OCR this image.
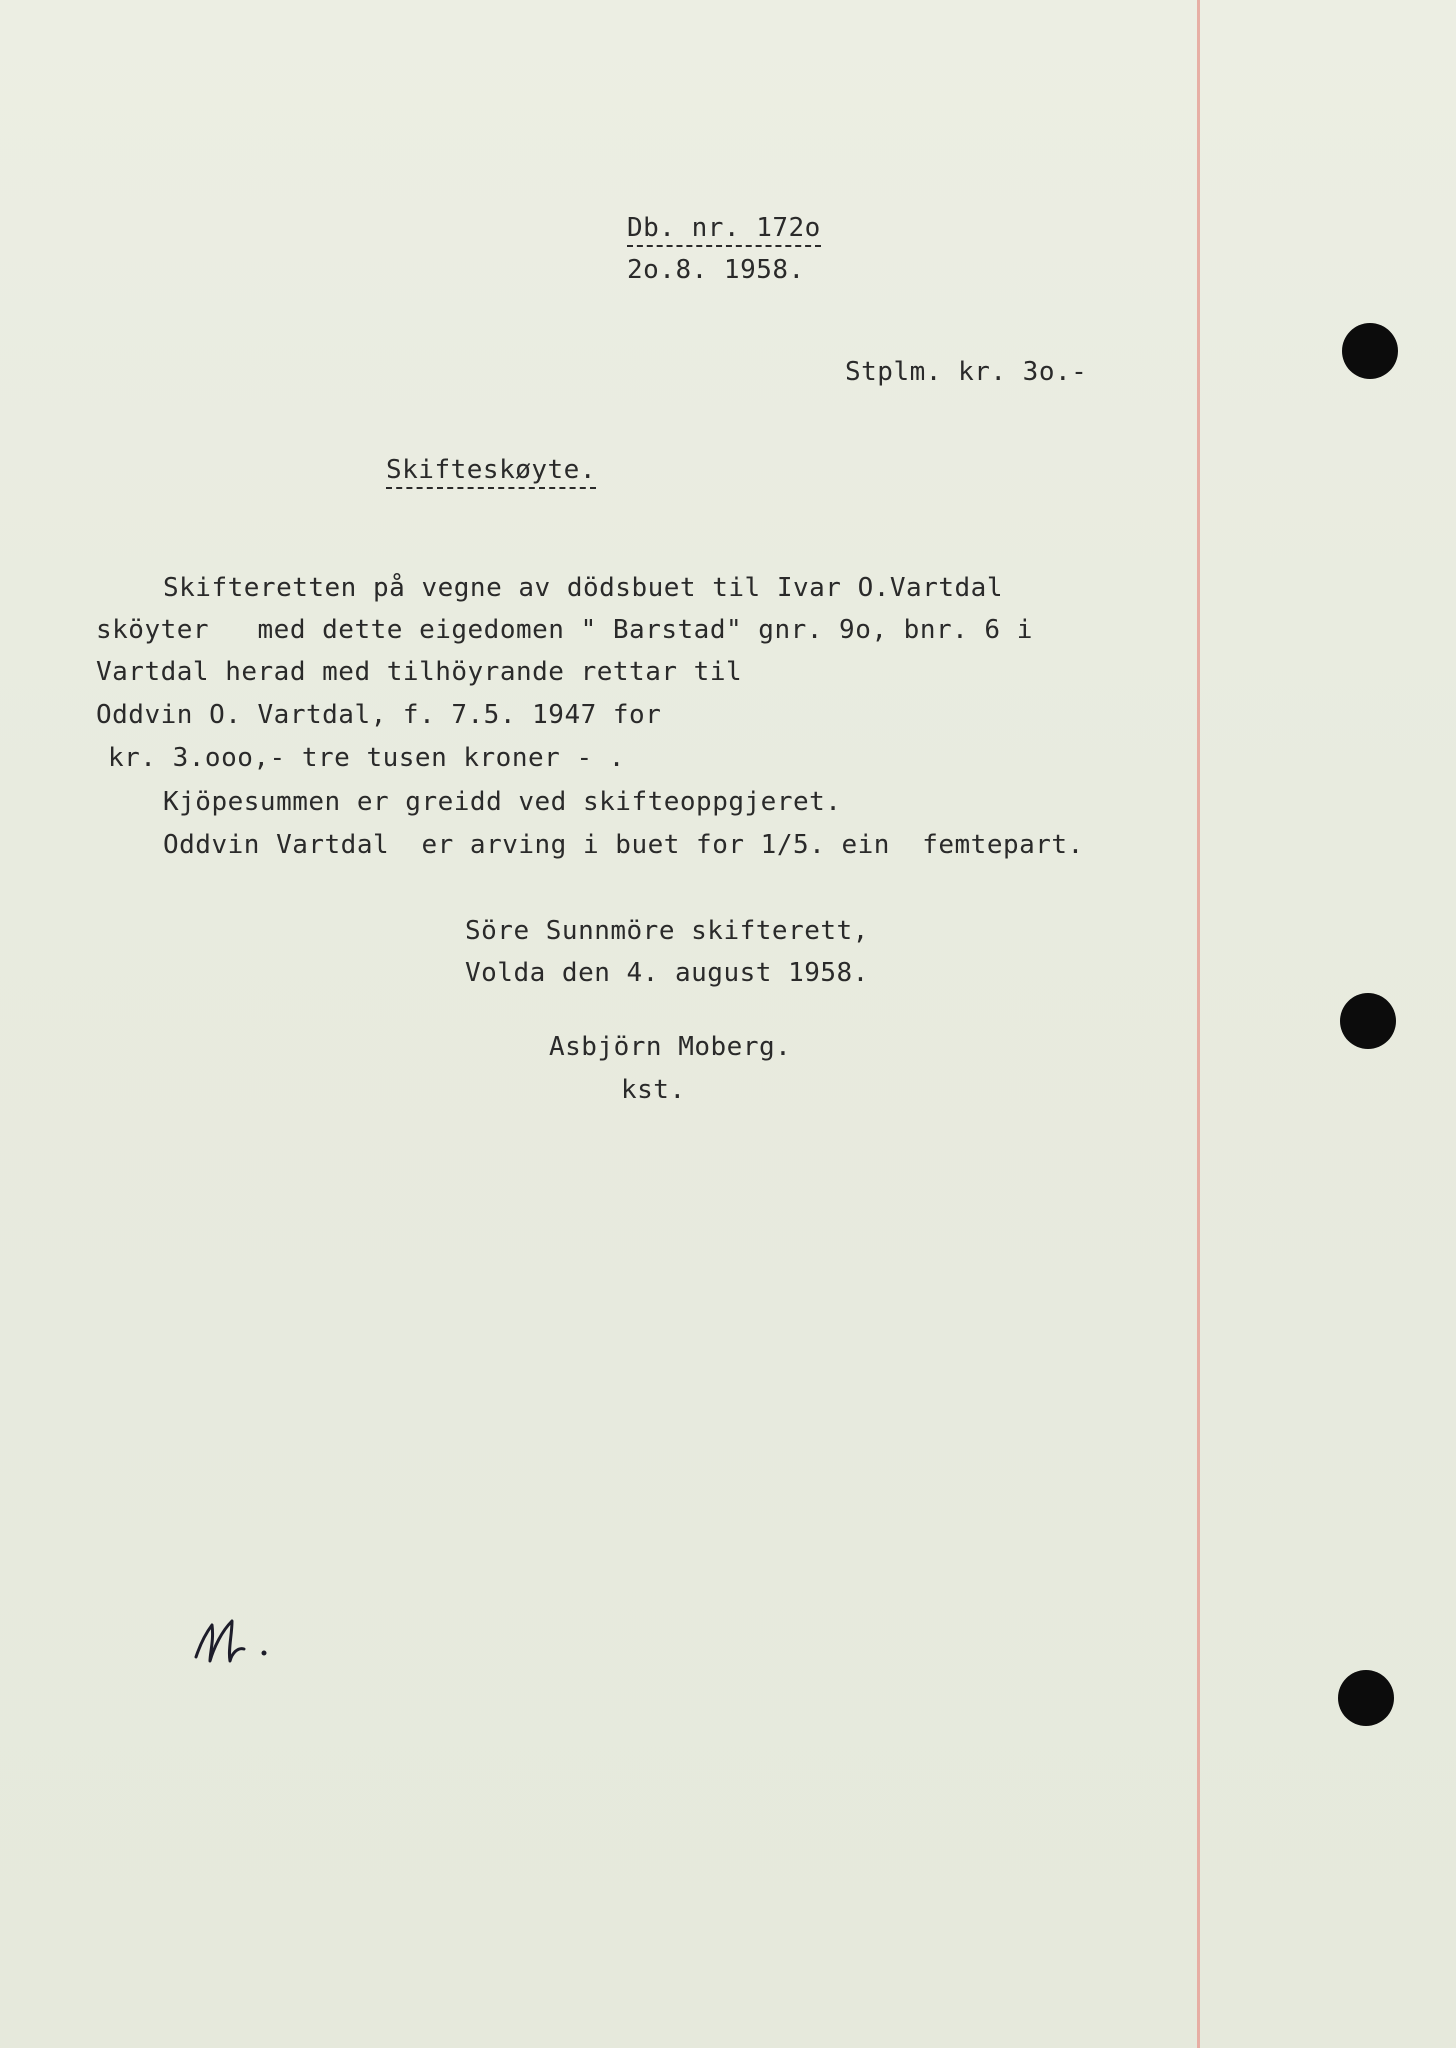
Db. nr. 172o
2o.8. 1958.
Stplm. kr. 3o.-
Skifteskøyte.
Skifteretten på vegne av dödsbuet til Ivar O.Vartdal
sköyter   med dette eigedomen " Barstad" gnr. 9o, bnr. 6 i
Vartdal herad med tilhöyrande rettar til
Oddvin O. Vartdal, f. 7.5. 1947 for
kr. 3.ooo,- tre tusen kroner - .
Kjöpesummen er greidd ved skifteoppgjeret.
Oddvin Vartdal  er arving i buet for 1/5. ein  femtepart.
Söre Sunnmöre skifterett,
Volda den 4. august 1958.
Asbjörn Moberg.
kst.
